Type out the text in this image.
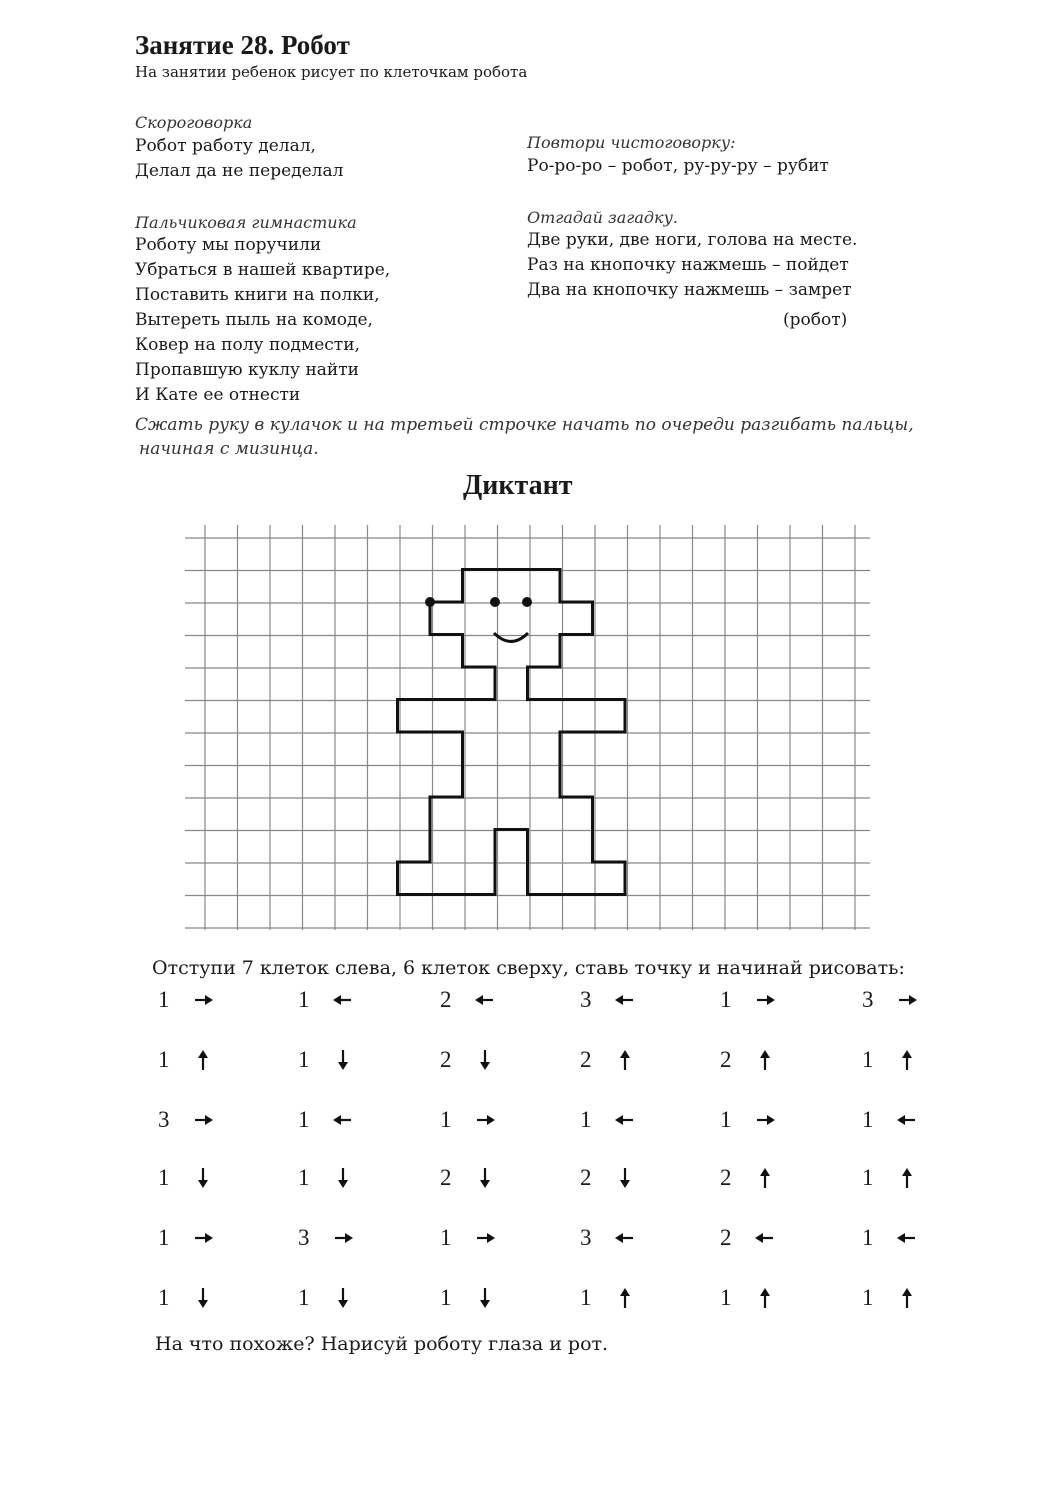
Занятие 28. Робот
На занятии ребенок рисует по клеточкам робота
Скороговорка
Робот работу делал,
Делал да не переделал
Повтори чистоговорку:
Ро-ро-ро – робот, ру-ру-ру – рубит
Пальчиковая гимнастика
Роботу мы поручили
Убраться в нашей квартире,
Поставить книги на полки,
Вытереть пыль на комоде,
Ковер на полу подмести,
Пропавшую куклу найти
И Кате ее отнести
Сжать руку в кулачок и на третьей строчке начать по очереди разгибать пальцы,
начиная с мизинца.
Отгадай загадку.
Две руки, две ноги, голова на месте.
Раз на кнопочку нажмешь – пойдет
Два на кнопочку нажмешь – замрет
(робот)
Диктант
Отступи 7 клеток слева, 6 клеток сверху, ставь точку и начинай рисовать:
1
1
3
1
1
1
1
1
1
1
3
1
2
2
1
2
1
1
3
2
1
2
3
1
1
2
1
2
2
1
3
1
1
1
1
1
На что похоже? Нарисуй роботу глаза и рот.
